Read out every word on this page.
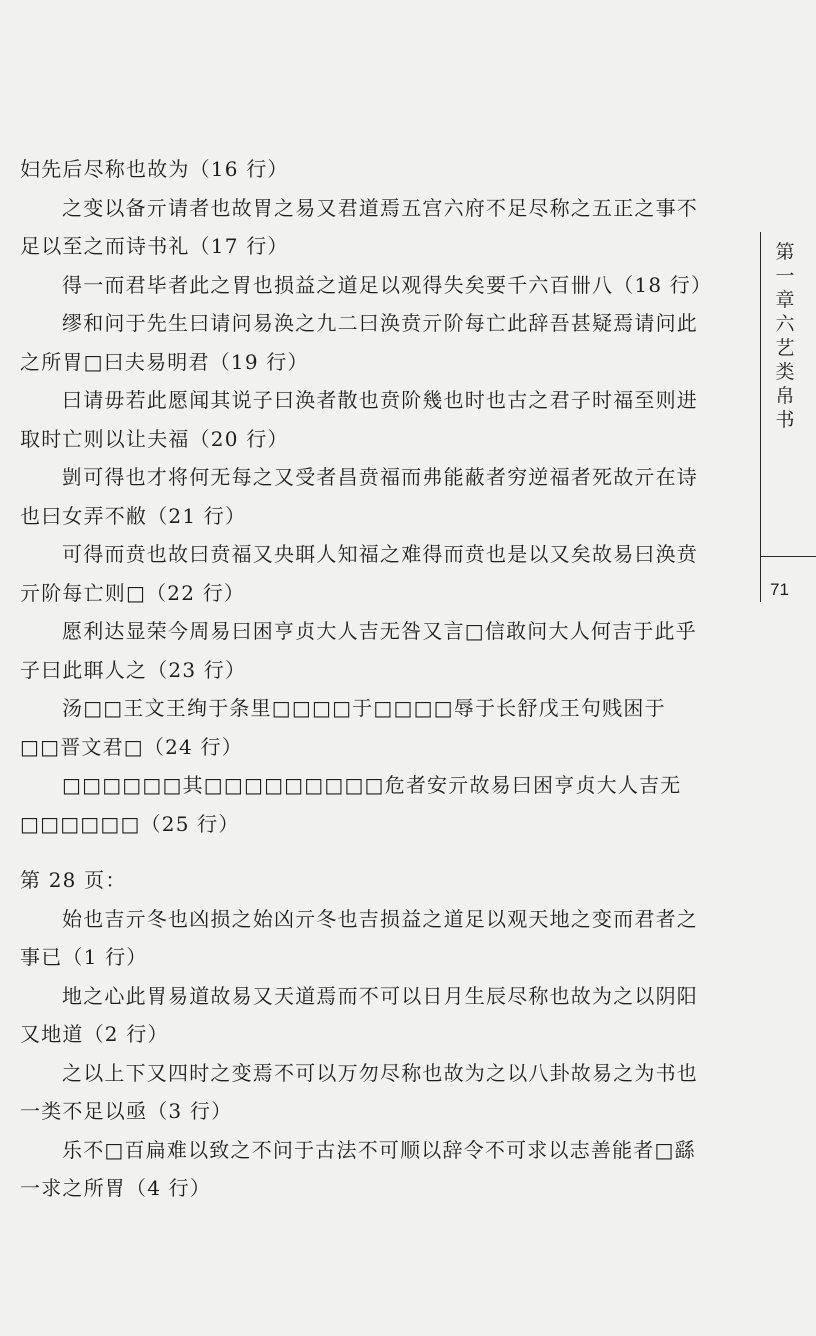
妇先后尽称也故为（16 行）

之变以备亓请者也故胃之易又君道焉五宫六府不足尽称之五正之事不

足以至之而诗书礼（17 行）

得一而君毕者此之胃也损益之道足以观得失矣要千六百卌八（18 行）

缪和问于先生曰请问易涣之九二曰涣贲亓阶每亡此辞吾甚疑焉请问此

之所胃□曰夫易明君（19 行）

曰请毋若此愿闻其说子曰涣者散也贲阶幾也时也古之君子时福至则进

取时亡则以让夫福（20 行）

剴可得也才将何无每之又受者昌贲福而弗能蔽者穷逆福者死故亓在诗

也曰女弄不敝（21 行）

可得而贲也故曰贲福又央聑人知福之难得而贲也是以又矣故易曰涣贲

亓阶每亡则□（22 行）

愿利达显荣今周易曰困亨贞大人吉无咎又言□信敢问大人何吉于此乎

子曰此聑人之（23 行）

汤□□王文王绚于条里□□□□于□□□□辱于长舒戊王句贱困于

□□晋文君□（24 行）

□□□□□□其□□□□□□□□□危者安亓故易曰困亨贞大人吉无

□□□□□□（25 行）

第 28 页：

始也吉亓冬也凶损之始凶亓冬也吉损益之道足以观天地之变而君者之

事已（1 行）

地之心此胃易道故易又天道焉而不可以日月生辰尽称也故为之以阴阳

又地道（2 行）

之以上下又四时之变焉不可以万勿尽称也故为之以八卦故易之为书也

一类不足以亟（3 行）

乐不□百扁难以致之不问于古法不可顺以辞令不可求以志善能者□繇

一求之所胃（4 行）

第一章 六艺类帛书
71
